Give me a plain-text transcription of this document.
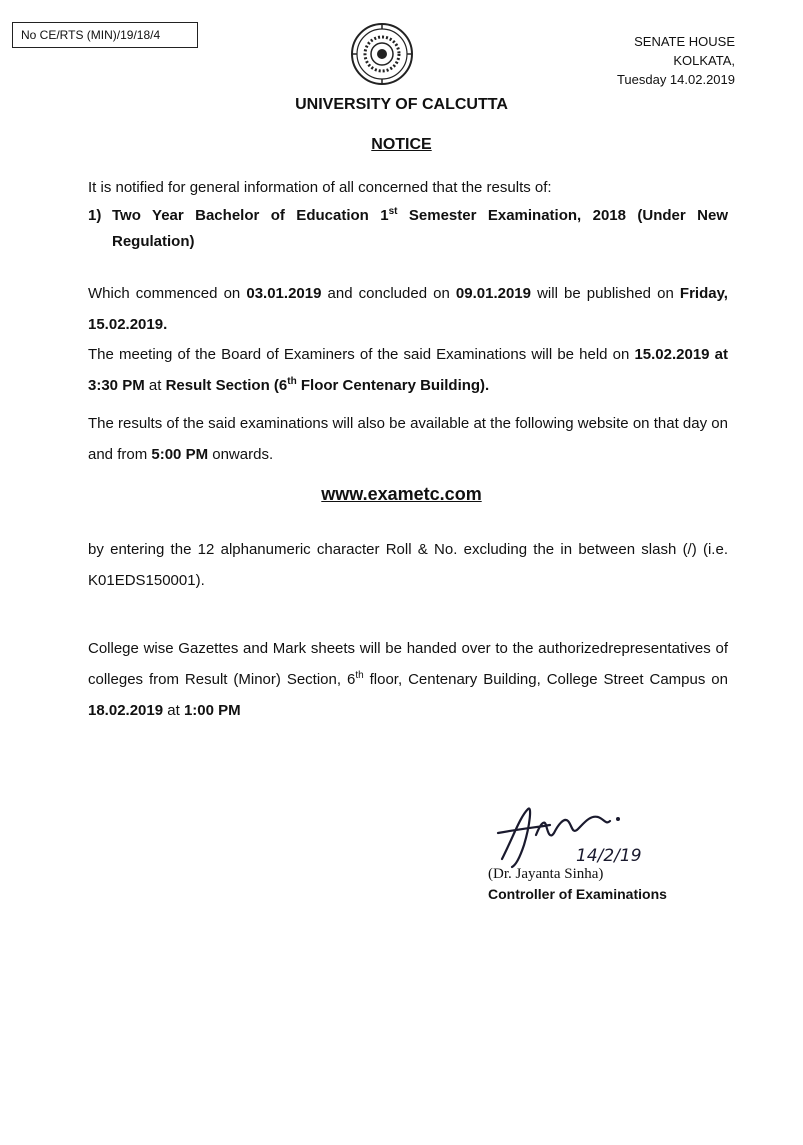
No CE/RTS (MIN)/19/18/4	SENATE HOUSE
KOLKATA,
Tuesday 14.02.2019
UNIVERSITY OF CALCUTTA
NOTICE
It is notified for general information of all concerned that the results of:
1) Two Year Bachelor of Education 1st Semester Examination, 2018 (Under New Regulation)
Which commenced on 03.01.2019 and concluded on 09.01.2019 will be published on Friday, 15.02.2019.
The meeting of the Board of Examiners of the said Examinations will be held on 15.02.2019 at 3:30 PM at Result Section (6th Floor Centenary Building).
The results of the said examinations will also be available at the following website on that day on and from 5:00 PM onwards.
www.exametc.com
by entering the 12 alphanumeric character Roll & No. excluding the in between slash (/) (i.e. K01EDS150001).
College wise Gazettes and Mark sheets will be handed over to the authorizedrepresentatives of colleges from Result (Minor) Section, 6th floor, Centenary Building, College Street Campus on 18.02.2019 at 1:00 PM
14/2/19
(Dr. Jayanta Sinha)
Controller of Examinations
